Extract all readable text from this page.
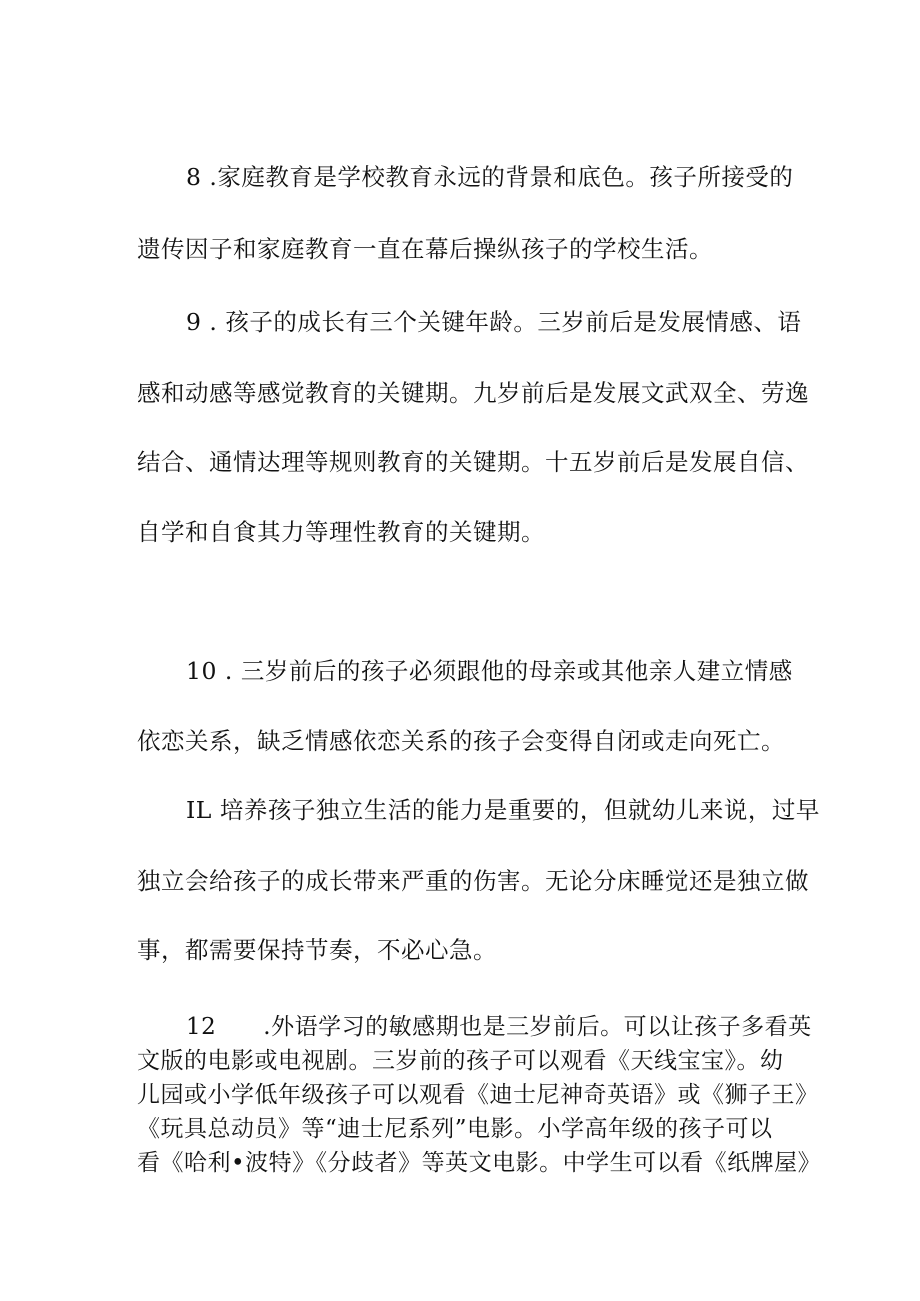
8 .家庭教育是学校教育永远的背景和底色。孩子所接受的
遗传因子和家庭教育一直在幕后操纵孩子的学校生活。
9 . 孩子的成长有三个关键年龄。三岁前后是发展情感、语
感和动感等感觉教育的关键期。九岁前后是发展文武双全、劳逸
结合、通情达理等规则教育的关键期。十五岁前后是发展自信、
自学和自食其力等理性教育的关键期。
10 . 三岁前后的孩子必须跟他的母亲或其他亲人建立情感
依恋关系，缺乏情感依恋关系的孩子会变得自闭或走向死亡。
IL 培养孩子独立生活的能力是重要的，但就幼儿来说，过早
独立会给孩子的成长带来严重的伤害。无论分床睡觉还是独立做
事，都需要保持节奏，不必心急。
12　　.外语学习的敏感期也是三岁前后。可以让孩子多看英
文版的电影或电视剧。三岁前的孩子可以观看《天线宝宝》。幼
儿园或小学低年级孩子可以观看《迪士尼神奇英语》或《狮子王》
《玩具总动员》等“迪士尼系列”电影。小学高年级的孩子可以
看《哈利•波特》《分歧者》等英文电影。中学生可以看《纸牌屋》
